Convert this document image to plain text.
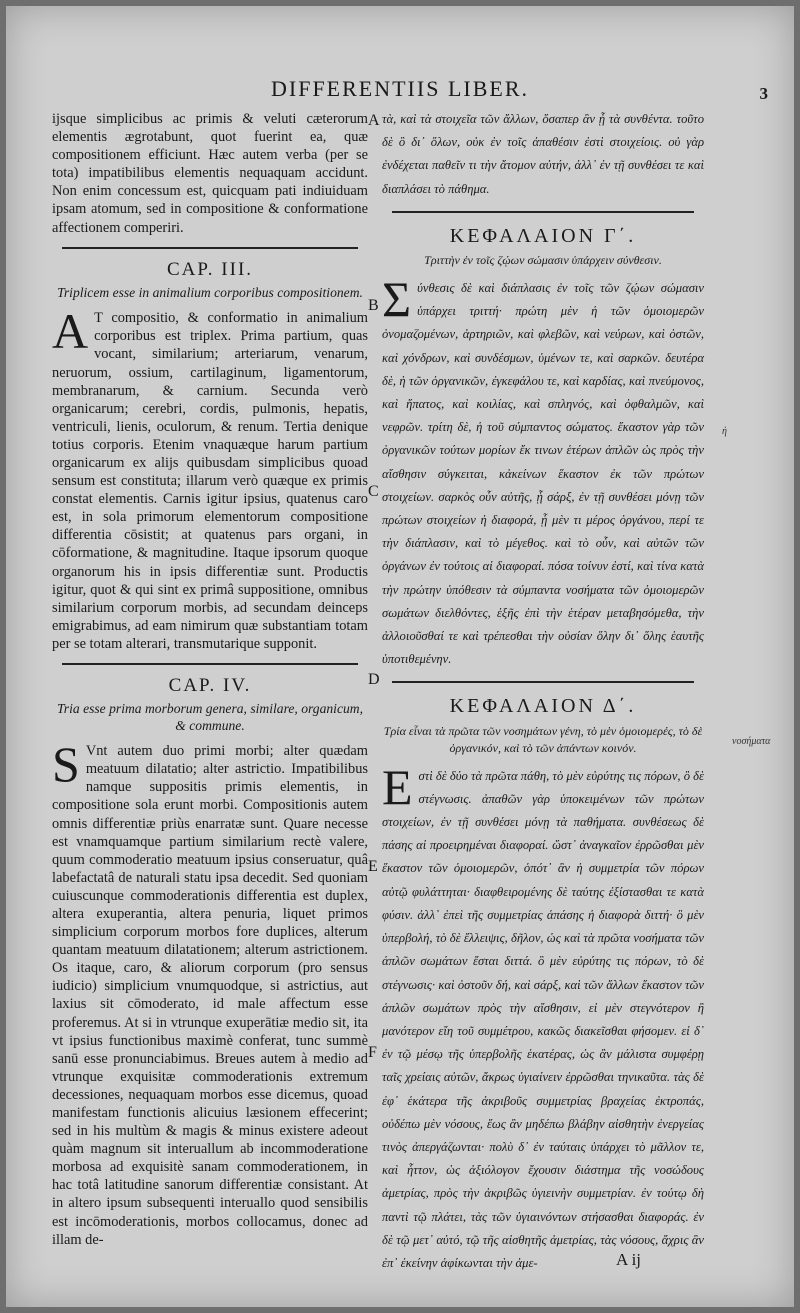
DIFFERENTIIS LIBER.	3

ijsque simplicibus ac primis & veluti cæterorum elementis ægrotabunt, quot fuerint ea, quæ compositionem efficiunt. Hæc autem verba (per se tota) impatibilibus elementis nequaquam accidunt. Non enim concessum est, quicquam pati indiuiduam ipsam atomum, sed in compositione & conformatione affectionem comperiri.

CAP. III.
Triplicem esse in animalium corporibus compositionem.

A T compositio, & conformatio in animalium corporibus est triplex. Prima partium, quas vocant, similarium; arteriarum, venarum, neruorum, ossium, cartilaginum, ligamentorum, membranarum, & carnium. Secunda verò organicarum; cerebri, cordis, pulmonis, hepatis, ventriculi, lienis, oculorum, & renum. Tertia denique totius corporis. Etenim vnaquæque harum partium organicarum ex alijs quibusdam simplicibus quoad sensum est constituta; illarum verò quæque ex primis constat elementis. Carnis igitur ipsius, quatenus caro est, in sola primorum elementorum compositione differentia cōsistit; at quatenus pars organi, in cōformatione, & magnitudine. Itaque ipsorum quoque organorum his in ipsis differentiæ sunt. Productis igitur, quot & qui sint ex primâ suppositione, omnibus similarium corporum morbis, ad secundam deinceps emigrabimus, ad eam nimirum quæ substantiam totam per se totam alterari, transmutarique supponit.

CAP. IV.
Tria esse prima morborum genera, similare, organicum, & commune.

S Vnt autem duo primi morbi; alter quædam meatuum dilatatio; alter astrictio. Impatibilibus namque suppositis primis elementis, in compositione sola erunt morbi. Compositionis autem omnis differentiæ priùs enarratæ sunt. Quare necesse est vnamquamque partium similarium rectè valere, quum commoderatio meatuum ipsius conseruatur, quâ labefactatâ de naturali statu ipsa decedit. Sed quoniam cuiuscunque commoderationis differentia est duplex, altera exuperantia, altera penuria, liquet primos simplicium corporum morbos fore duplices, alterum quantam meatuum dilatationem; alterum astrictionem. Os itaque, caro, & aliorum corporum (pro sensus iudicio) simplicium vnumquodque, si astrictius, aut laxius sit cōmoderato, id male affectum esse proferemus. At si in vtrunque exuperātiæ medio sit, ita vt ipsius functionibus maximè conferat, tunc summè sanū esse pronunciabimus. Breues autem à medio ad vtrunque exquisitæ commoderationis extremum decessiones, nequaquam morbos esse dicemus, quoad manifestam functionis alicuius læsionem effecerint; sed in his multùm & magis & minus existere adeout quàm magnum sit interuallum ab incommoderatione morbosa ad exquisitè sanam commoderationem, in hac totâ latitudine sanorum differentiæ consistant. At in altero ipsum subsequenti interuallo quod sensibilis est incōmoderationis, morbos collocamus, donec ad illam de-

A
B
C
D
E
F

τὰ, καὶ τὰ στοιχεῖα τῶν ἄλλων, ὅσαπερ ἂν ᾖ τὰ συνθέντα. τοῦτο δὲ ὃ δι᾽ ὅλων, οὐκ ἐν τοῖς ἀπαθέσιν ἐστὶ στοιχείοις. οὐ γὰρ ἐνδέχεται παθεῖν τι τὴν ἄτομον αὐτήν, ἀλλ᾽ ἐν τῇ συνθέσει τε καὶ διαπλάσει τὸ πάθημα.

ΚΕΦΑΛΑΙΟΝ Γ΄.
Τριττὴν ἐν τοῖς ζῴων σώμασιν ὑπάρχειν σύνθεσιν.

Σύνθεσις δὲ καὶ διάπλασις ἐν τοῖς τῶν ζῴων σώμασιν ὑπάρχει τριττή· πρώτη μὲν ἡ τῶν ὁμοιομερῶν ὀνομαζομένων, ἀρτηριῶν, καὶ φλεβῶν, καὶ νεύρων, καὶ ὀστῶν, καὶ χόνδρων, καὶ συνδέσμων, ὑμένων τε, καὶ σαρκῶν. δευτέρα δὲ, ἡ τῶν ὀργανικῶν, ἐγκεφάλου τε, καὶ καρδίας, καὶ πνεύμονος, καὶ ἥπατος, καὶ κοιλίας, καὶ σπληνός, καὶ ὀφθαλμῶν, καὶ νεφρῶν. τρίτη δὲ, ἡ τοῦ σύμπαντος σώματος. ἕκαστον γὰρ τῶν ὀργανικῶν τούτων μορίων ἔκ τινων ἑτέρων ἁπλῶν ὡς πρὸς τὴν αἴσθησιν σύγκειται, κἀκείνων ἕκαστον ἐκ τῶν πρώτων στοιχείων. σαρκὸς οὖν αὐτῆς, ᾗ σάρξ, ἐν τῇ συνθέσει μόνῃ τῶν πρώτων στοιχείων ἡ διαφορά, ᾗ μὲν τι μέρος ὀργάνου, περί τε τὴν διάπλασιν, καὶ τὸ μέγεθος. καὶ τὸ οὖν, καὶ αὐτῶν τῶν ὀργάνων ἐν τούτοις αἱ διαφοραί. πόσα τοίνυν ἐστί, καὶ τίνα κατὰ τὴν πρώτην ὑπόθεσιν τὰ σύμπαντα νοσήματα τῶν ὁμοιομερῶν σωμάτων διελθόντες, ἑξῆς ἐπὶ τὴν ἑτέραν μεταβησόμεθα, τὴν ἀλλοιοῦσθαί τε καὶ τρέπεσθαι τὴν οὐσίαν ὅλην δι᾽ ὅλης ἑαυτῆς ὑποτιθεμένην.

ΚΕΦΑΛΑΙΟΝ Δ΄.
Τρία εἶναι τὰ πρῶτα τῶν νοσημάτων γένη, τὸ μὲν ὁμοιομερές, τὸ δὲ ὀργανικόν, καὶ τὸ τῶν ἁπάντων κοινόν.

Εστὶ δὲ δύο τὰ πρῶτα πάθη, τὸ μὲν εὐρύτης τις πόρων, ὃ δὲ στέγνωσις. ἀπαθῶν γὰρ ὑποκειμένων τῶν πρώτων στοιχείων, ἐν τῇ συνθέσει μόνῃ τὰ παθήματα. συνθέσεως δὲ πάσης αἱ προειρημέναι διαφοραί. ὥστ᾽ ἀναγκαῖον ἐρρῶσθαι μὲν ἕκαστον τῶν ὁμοιομερῶν, ὁπότ᾽ ἂν ἡ συμμετρία τῶν πόρων αὐτῷ φυλάττηται· διαφθειρομένης δὲ ταύτης ἐξίστασθαι τε κατὰ φύσιν. ἀλλ᾽ ἐπεὶ τῆς συμμετρίας ἁπάσης ἡ διαφορὰ διττή· ὃ μὲν ὑπερβολή, τὸ δὲ ἔλλειψις, δῆλον, ὡς καὶ τὰ πρῶτα νοσήματα τῶν ἁπλῶν σωμάτων ἔσται διττά. ὃ μὲν εὐρύτης τις πόρων, τὸ δὲ στέγνωσις· καὶ ὀστοῦν δή, καὶ σάρξ, καὶ τῶν ἄλλων ἕκαστον τῶν ἁπλῶν σωμάτων πρὸς τὴν αἴσθησιν, εἰ μὲν στεγνότερον ἢ μανότερον εἴη τοῦ συμμέτρου, κακῶς διακεῖσθαι φήσομεν. εἰ δ᾽ ἐν τῷ μέσῳ τῆς ὑπερβολῆς ἑκατέρας, ὡς ἂν μάλιστα συμφέρῃ ταῖς χρείαις αὐτῶν, ἄκρως ὑγιαίνειν ἐρρῶσθαι τηνικαῦτα. τὰς δὲ ἐφ᾽ ἑκάτερα τῆς ἀκριβοῦς συμμετρίας βραχείας ἐκτροπάς, οὐδέπω μὲν νόσους, ἕως ἂν μηδέπω βλάβην αἰσθητὴν ἐνεργείας τινὸς ἀπεργάζωνται· πολὺ δ᾽ ἐν ταύταις ὑπάρχει τὸ μᾶλλον τε, καὶ ἧττον, ὡς ἀξιόλογον ἔχουσιν διάστημα τῆς νοσώδους ἀμετρίας, πρὸς τὴν ἀκριβῶς ὑγιεινὴν συμμετρίαν. ἐν τούτῳ δὴ παντὶ τῷ πλάτει, τὰς τῶν ὑγιαινόντων στήσασθαι διαφοράς. ἐν δὲ τῷ μετ᾽ αὐτό, τῷ τῆς αἰσθητῆς ἀμετρίας, τὰς νόσους, ἄχρις ἂν ἐπ᾽ ἐκείνην ἀφίκωνται τὴν ἀμε-

ἠ
νοσήματα
A ij
